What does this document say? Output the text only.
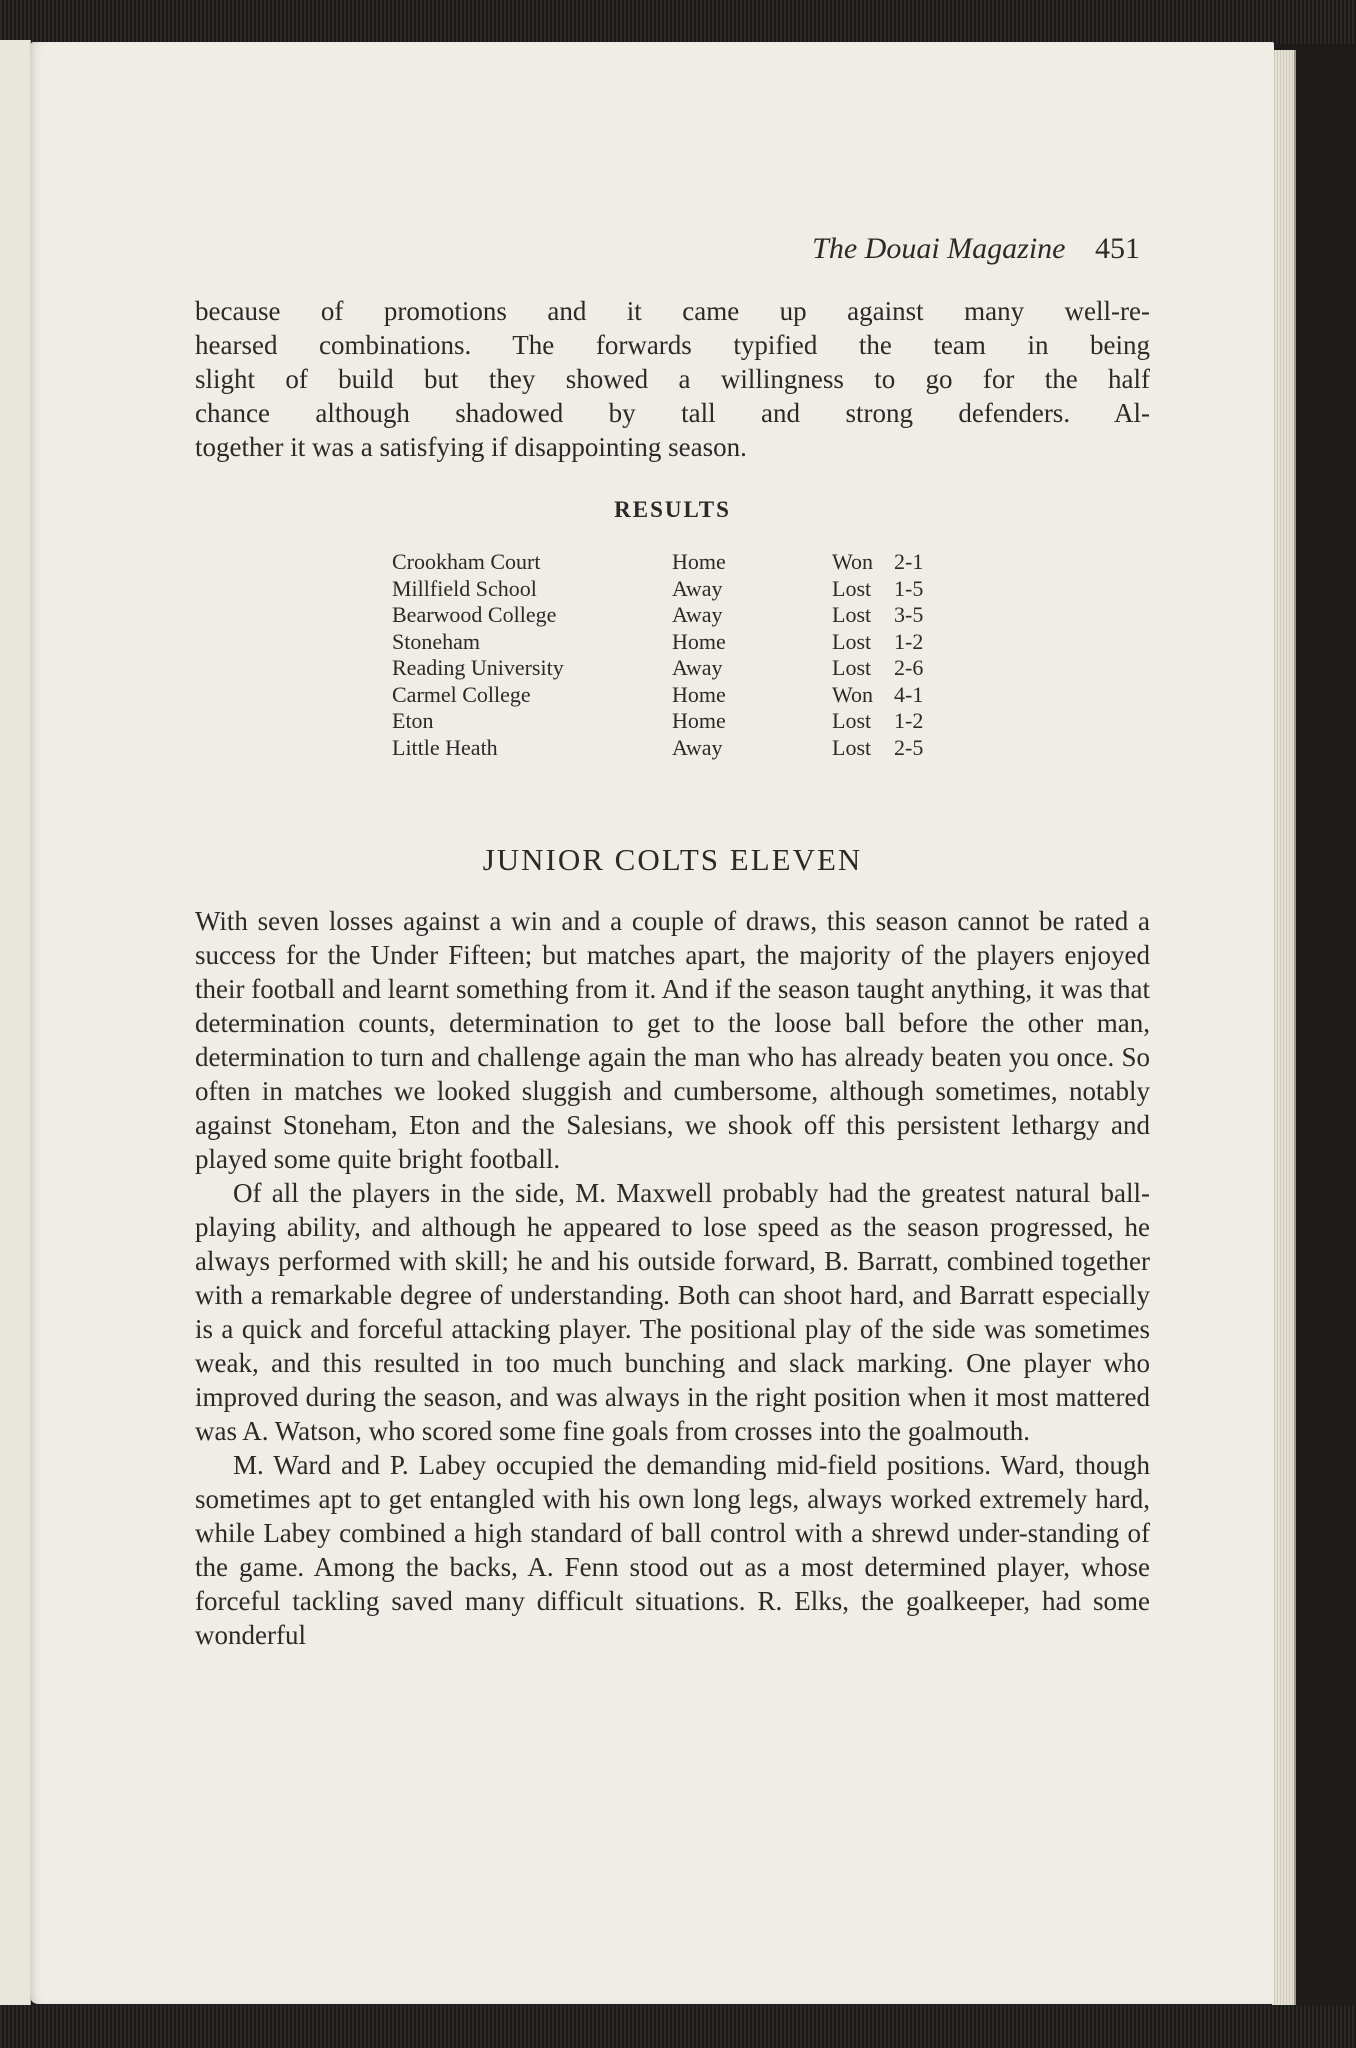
The Douai Magazine 451

because of promotions and it came up against many well-re-

hearsed combinations. The forwards typified the team in being

slight of build but they showed a willingness to go for the half

chance although shadowed by tall and strong defenders. Al-

together it was a satisfying if disappointing season.

RESULTS
Crookham Court	Home	Won 2-1
Millfield School	Away	Lost	1-5
Bearwood College	Away	Lost	3-5
Stoneham	Home	Lost	1-2
Reading University	Away	Lost	2-6
Carmel College	Home	Won 4-1
Eton	Home	Lost	1-2
Little Heath	Away	Lost	2-5
JUNIOR COLTS ELEVEN

With seven losses against a win and a couple of draws, this season cannot be rated a success for the Under Fifteen; but matches apart, the majority of the players enjoyed their football and learnt something from it. And if the season taught anything, it was that determination counts, determination to get to the loose ball before the other man, determination to turn and challenge again the man who has already beaten you once. So often in matches we looked sluggish and cumbersome, although sometimes, notably against Stoneham, Eton and the Salesians, we shook off this persistent lethargy and played some quite bright football.

Of all the players in the side, M. Maxwell probably had the greatest natural ball-playing ability, and although he appeared to lose speed as the season progressed, he always performed with skill; he and his outside forward, B. Barratt, combined together with a remarkable degree of understanding. Both can shoot hard, and Barratt especially is a quick and forceful attacking player. The positional play of the side was sometimes weak, and this resulted in too much bunching and slack marking. One player who improved during the season, and was always in the right position when it most mattered was A. Watson, who scored some fine goals from crosses into the goalmouth.

M. Ward and P. Labey occupied the demanding mid-field positions. Ward, though sometimes apt to get entangled with his own long legs, always worked extremely hard, while Labey combined a high standard of ball control with a shrewd under-standing of the game. Among the backs, A. Fenn stood out as a most determined player, whose forceful tackling saved many difficult situations. R. Elks, the goalkeeper, had some wonderful
